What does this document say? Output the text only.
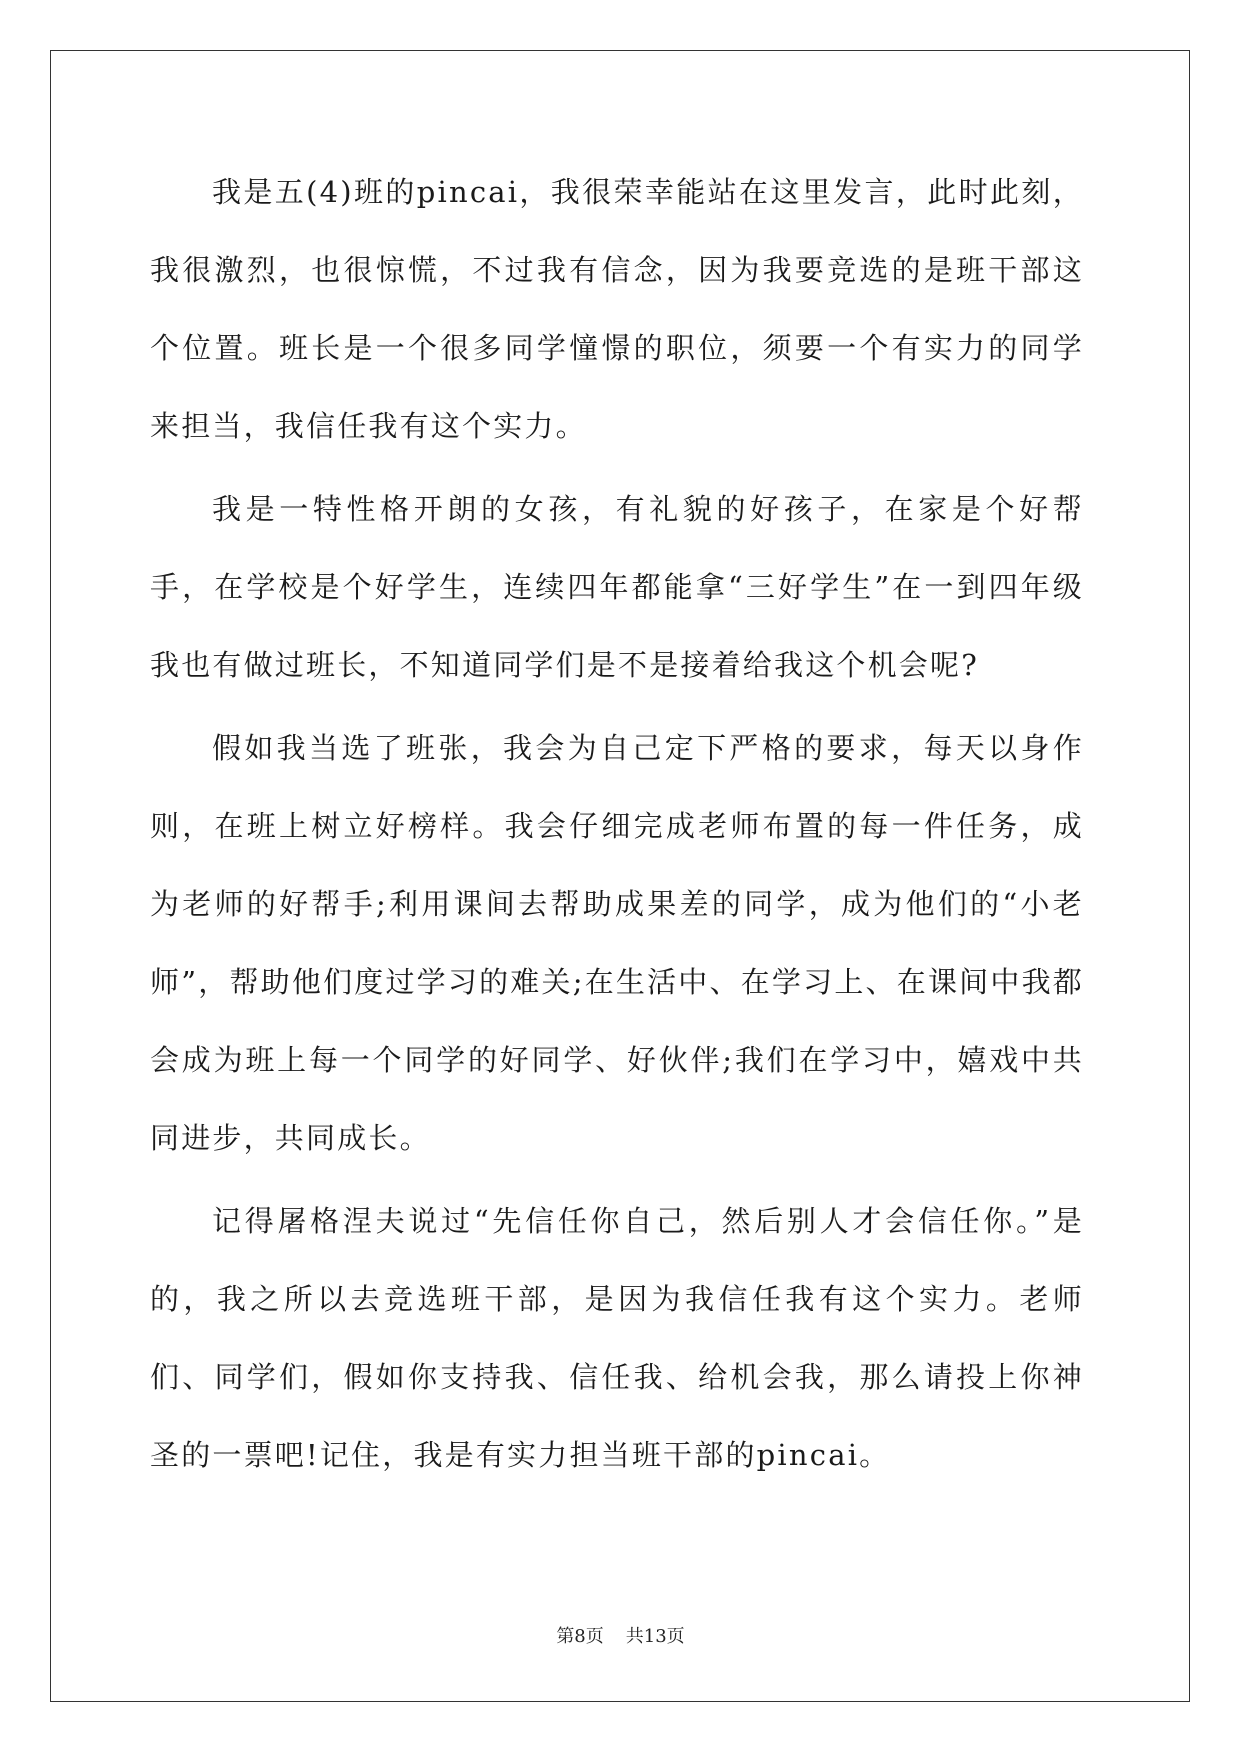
我是五(4)班的pincai，我很荣幸能站在这里发言，此时此刻，我很激烈，也很惊慌，不过我有信念，因为我要竞选的是班干部这个位置。班长是一个很多同学憧憬的职位，须要一个有实力的同学来担当，我信任我有这个实力。

我是一特性格开朗的女孩，有礼貌的好孩子，在家是个好帮手，在学校是个好学生，连续四年都能拿“三好学生”在一到四年级我也有做过班长，不知道同学们是不是接着给我这个机会呢?

假如我当选了班张，我会为自己定下严格的要求，每天以身作则，在班上树立好榜样。我会仔细完成老师布置的每一件任务，成为老师的好帮手;利用课间去帮助成果差的同学，成为他们的“小老师”，帮助他们度过学习的难关;在生活中、在学习上、在课间中我都会成为班上每一个同学的好同学、好伙伴;我们在学习中，嬉戏中共同进步，共同成长。

记得屠格涅夫说过“先信任你自己，然后别人才会信任你。”是的，我之所以去竞选班干部，是因为我信任我有这个实力。老师们、同学们，假如你支持我、信任我、给机会我，那么请投上你神圣的一票吧!记住，我是有实力担当班干部的pincai。

第8页 共13页
